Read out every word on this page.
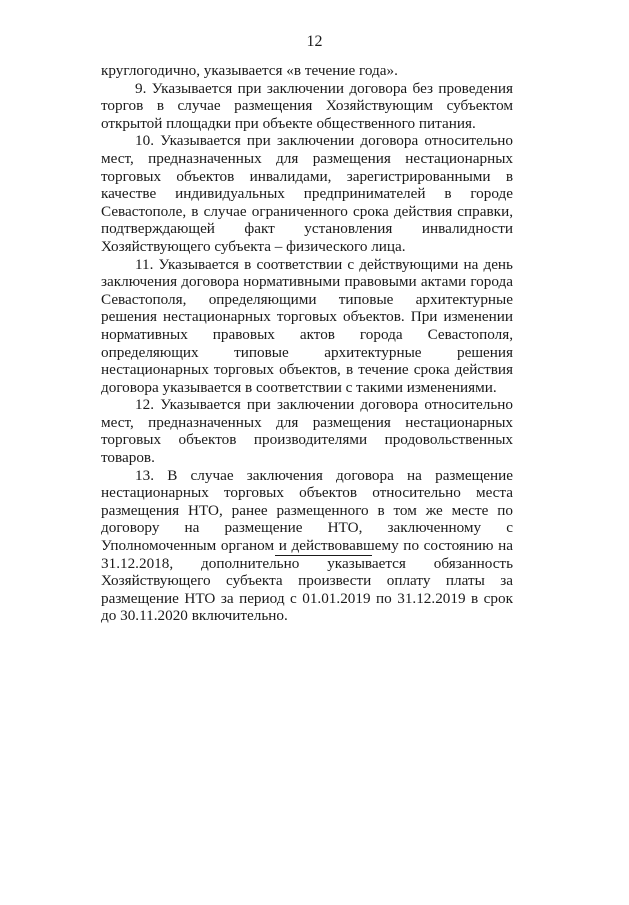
12

круглогодично, указывается «в течение года».

9. Указывается при заключении договора без проведения торгов в случае размещения Хозяйствующим субъектом открытой площадки при объекте общественного питания.

10. Указывается при заключении договора относительно мест, предназначенных для размещения нестационарных торговых объектов инвалидами, зарегистрированными в качестве индивидуальных предпринимателей в городе Севастополе, в случае ограниченного срока действия справки, подтверждающей факт установления инвалидности Хозяйствующего субъекта – физического лица.

11. Указывается в соответствии с действующими на день заключения договора нормативными правовыми актами города Севастополя, определяющими типовые архитектурные решения нестационарных торговых объектов. При изменении нормативных правовых актов города Севастополя, определяющих типовые архитектурные решения нестационарных торговых объектов, в течение срока действия договора указывается в соответствии с такими изменениями.

12. Указывается при заключении договора относительно мест, предназначенных для размещения нестационарных торговых объектов производителями продовольственных товаров.

13. В случае заключения договора на размещение нестационарных торговых объектов относительно места размещения НТО, ранее размещенного в том же месте по договору на размещение НТО, заключенному с Уполномоченным органом и действовавшему по состоянию на 31.12.2018, дополнительно указывается обязанность Хозяйствующего субъекта произвести оплату платы за размещение НТО за период с 01.01.2019 по 31.12.2019 в срок до 30.11.2020 включительно.
